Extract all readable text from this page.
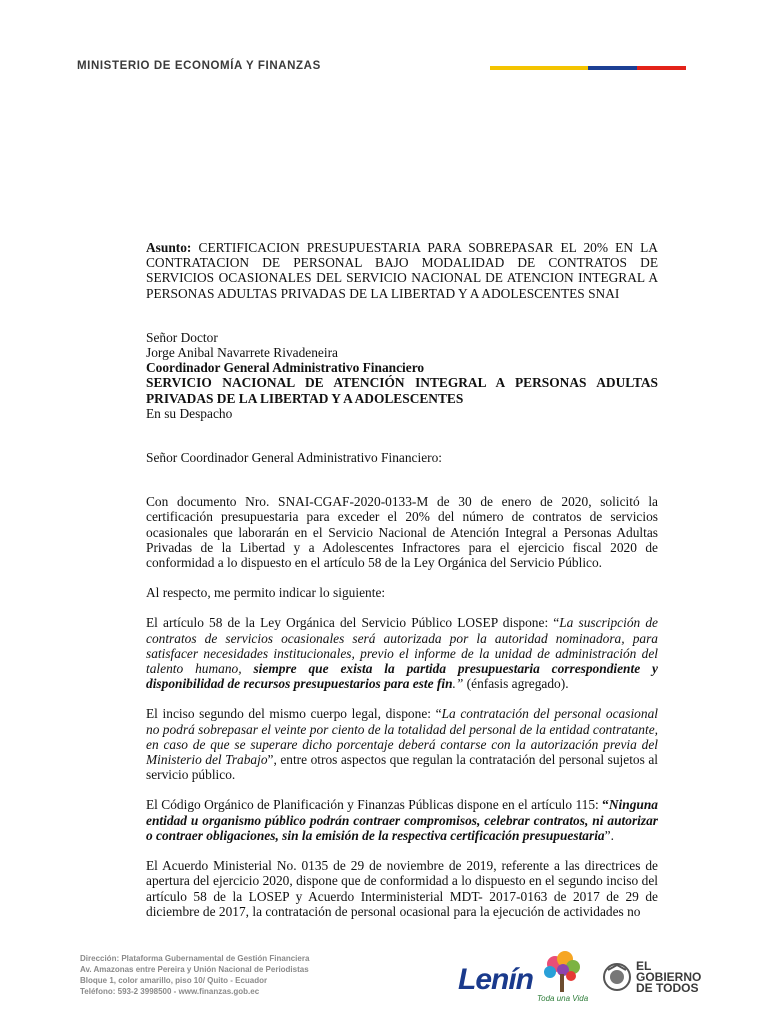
MINISTERIO DE ECONOMÍA Y FINANZAS

Asunto: CERTIFICACION PRESUPUESTARIA PARA SOBREPASAR EL 20% EN LA CONTRATACION DE PERSONAL BAJO MODALIDAD DE CONTRATOS DE SERVICIOS OCASIONALES DEL SERVICIO NACIONAL DE ATENCION INTEGRAL A PERSONAS ADULTAS PRIVADAS DE LA LIBERTAD Y A ADOLESCENTES SNAI

Señor Doctor

Jorge Anibal Navarrete Rivadeneira

Coordinador General Administrativo Financiero

SERVICIO NACIONAL DE ATENCIÓN INTEGRAL A PERSONAS ADULTAS PRIVADAS DE LA LIBERTAD Y A ADOLESCENTES

En su Despacho

Señor Coordinador General Administrativo Financiero:

Con documento Nro. SNAI-CGAF-2020-0133-M de 30 de enero de 2020, solicitó la certificación presupuestaria para exceder el 20% del número de contratos de servicios ocasionales que laborarán en el Servicio Nacional de Atención Integral a Personas Adultas Privadas de la Libertad y a Adolescentes Infractores para el ejercicio fiscal 2020 de conformidad a lo dispuesto en el artículo 58 de la Ley Orgánica del Servicio Público.

Al respecto, me permito indicar lo siguiente:

El artículo 58 de la Ley Orgánica del Servicio Público LOSEP dispone: “La suscripción de contratos de servicios ocasionales será autorizada por la autoridad nominadora, para satisfacer necesidades institucionales, previo el informe de la unidad de administración del talento humano, siempre que exista la partida presupuestaria correspondiente y disponibilidad de recursos presupuestarios para este fin.” (énfasis agregado).

El inciso segundo del mismo cuerpo legal, dispone: “La contratación del personal ocasional no podrá sobrepasar el veinte por ciento de la totalidad del personal de la entidad contratante, en caso de que se superare dicho porcentaje deberá contarse con la autorización previa del Ministerio del Trabajo”, entre otros aspectos que regulan la contratación del personal sujetos al servicio público.

El Código Orgánico de Planificación y Finanzas Públicas dispone en el artículo 115: “Ninguna entidad u organismo público podrán contraer compromisos, celebrar contratos, ni autorizar o contraer obligaciones, sin la emisión de la respectiva certificación presupuestaria”.

El Acuerdo Ministerial No. 0135 de 29 de noviembre de 2019, referente a las directrices de apertura del ejercicio 2020, dispone que de conformidad a lo dispuesto en el segundo inciso del artículo 58 de la LOSEP y Acuerdo Interministerial MDT- 2017-0163 de 2017 de 29 de diciembre de 2017, la contratación de personal ocasional para la ejecución de actividades no

Dirección: Plataforma Gubernamental de Gestión Financiera
Av. Amazonas entre Pereira y Unión Nacional de Periodistas
Bloque 1, color amarillo, piso 10/ Quito - Ecuador
Teléfono: 593-2 3998500 - www.finanzas.gob.ec	Lenín
Toda una Vida
EL
GOBIERNO
DE TODOS
